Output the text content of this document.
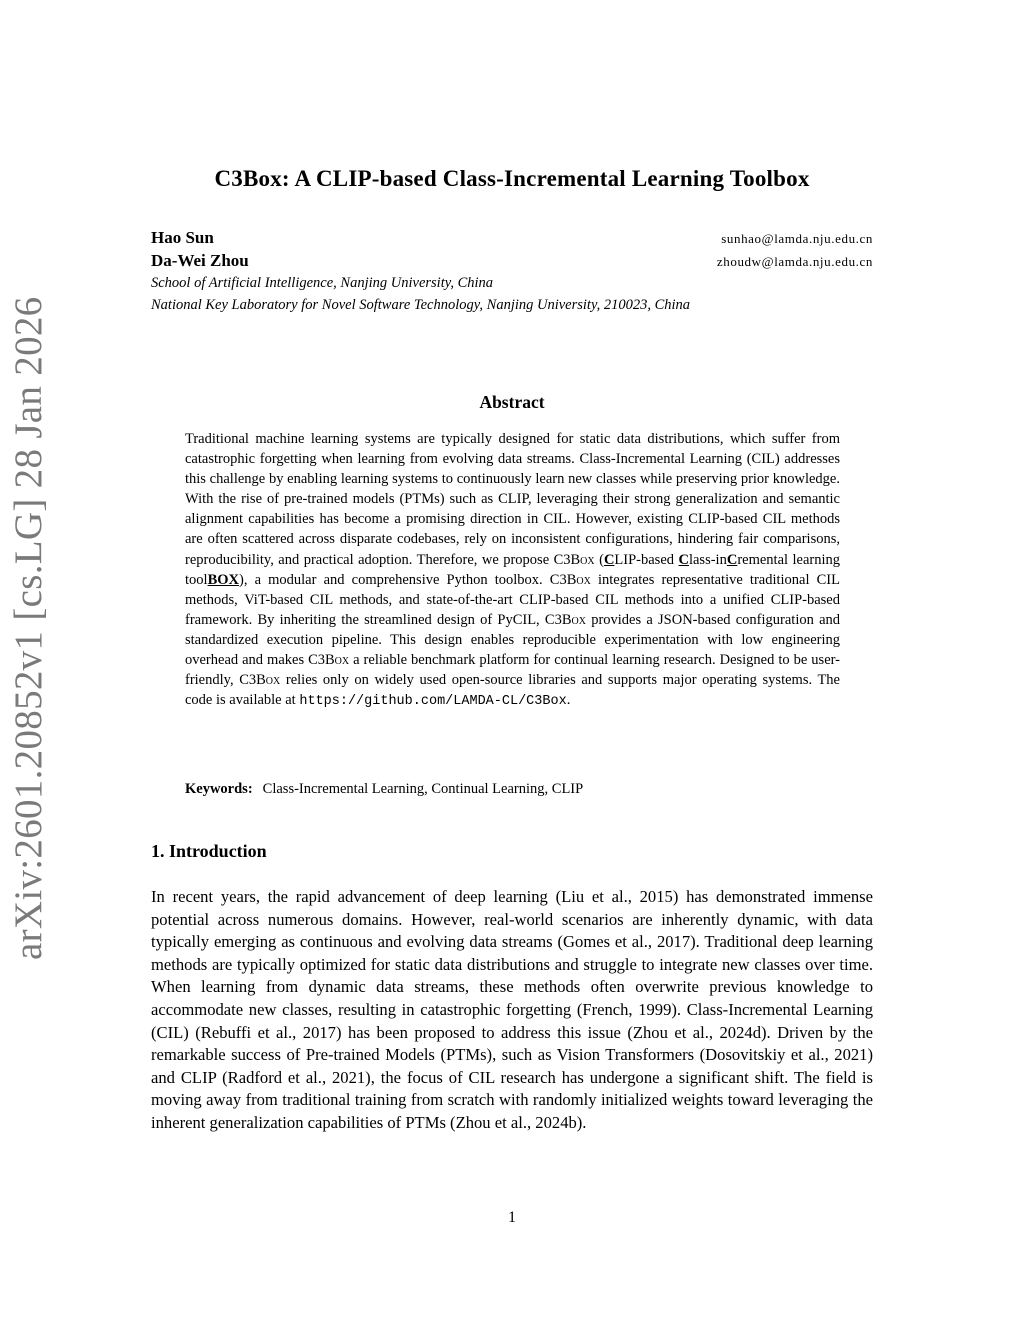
arXiv:2601.20852v1 [cs.LG] 28 Jan 2026
C3Box: A CLIP-based Class-Incremental Learning Toolbox
Hao Sun	sunhao@lamda.nju.edu.cn
Da-Wei Zhou	zhoudw@lamda.nju.edu.cn
School of Artificial Intelligence, Nanjing University, China
National Key Laboratory for Novel Software Technology, Nanjing University, 210023, China
Abstract
Traditional machine learning systems are typically designed for static data distributions, which suffer from catastrophic forgetting when learning from evolving data streams. Class-Incremental Learning (CIL) addresses this challenge by enabling learning systems to continuously learn new classes while preserving prior knowledge. With the rise of pre-trained models (PTMs) such as CLIP, leveraging their strong generalization and semantic alignment capabilities has become a promising direction in CIL. However, existing CLIP-based CIL methods are often scattered across disparate codebases, rely on inconsistent configurations, hindering fair comparisons, reproducibility, and practical adoption. Therefore, we propose C3Box (CLIP-based Class-inCremental learning toolBOX), a modular and comprehensive Python toolbox. C3Box integrates representative traditional CIL methods, ViT-based CIL methods, and state-of-the-art CLIP-based CIL methods into a unified CLIP-based framework. By inheriting the streamlined design of PyCIL, C3Box provides a JSON-based configuration and standardized execution pipeline. This design enables reproducible experimentation with low engineering overhead and makes C3Box a reliable benchmark platform for continual learning research. Designed to be user-friendly, C3Box relies only on widely used open-source libraries and supports major operating systems. The code is available at https://github.com/LAMDA-CL/C3Box.
Keywords: Class-Incremental Learning, Continual Learning, CLIP
1. Introduction
In recent years, the rapid advancement of deep learning (Liu et al., 2015) has demonstrated immense potential across numerous domains. However, real-world scenarios are inherently dynamic, with data typically emerging as continuous and evolving data streams (Gomes et al., 2017). Traditional deep learning methods are typically optimized for static data distributions and struggle to integrate new classes over time. When learning from dynamic data streams, these methods often overwrite previous knowledge to accommodate new classes, resulting in catastrophic forgetting (French, 1999). Class-Incremental Learning (CIL) (Rebuffi et al., 2017) has been proposed to address this issue (Zhou et al., 2024d). Driven by the remarkable success of Pre-trained Models (PTMs), such as Vision Transformers (Dosovitskiy et al., 2021) and CLIP (Radford et al., 2021), the focus of CIL research has undergone a significant shift. The field is moving away from traditional training from scratch with randomly initialized weights toward leveraging the inherent generalization capabilities of PTMs (Zhou et al., 2024b).
1
